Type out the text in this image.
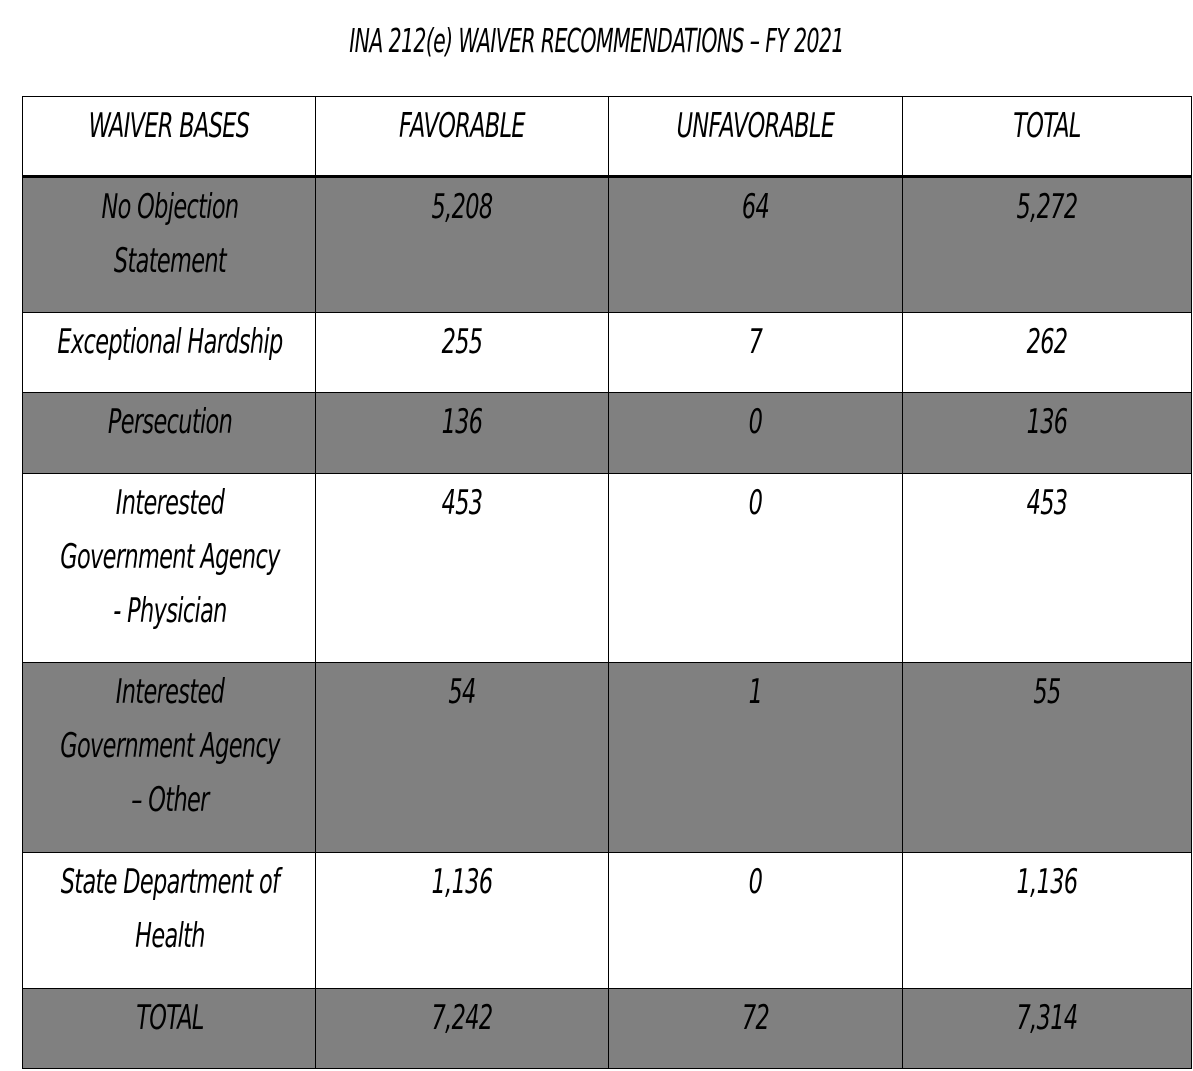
INA 212(e) WAIVER RECOMMENDATIONS – FY 2021
WAIVER BASES	FAVORABLE	UNFAVORABLE	TOTAL

No Objection
Statement	5,208	64	5,272

Exceptional Hardship	255	7	262

Persecution	136	0	136

Interested
Government Agency
- Physician	453	0	453

Interested
Government Agency
– Other	54	1	55

State Department of
Health	1,136	0	1,136

TOTAL	7,242	72	7,314
